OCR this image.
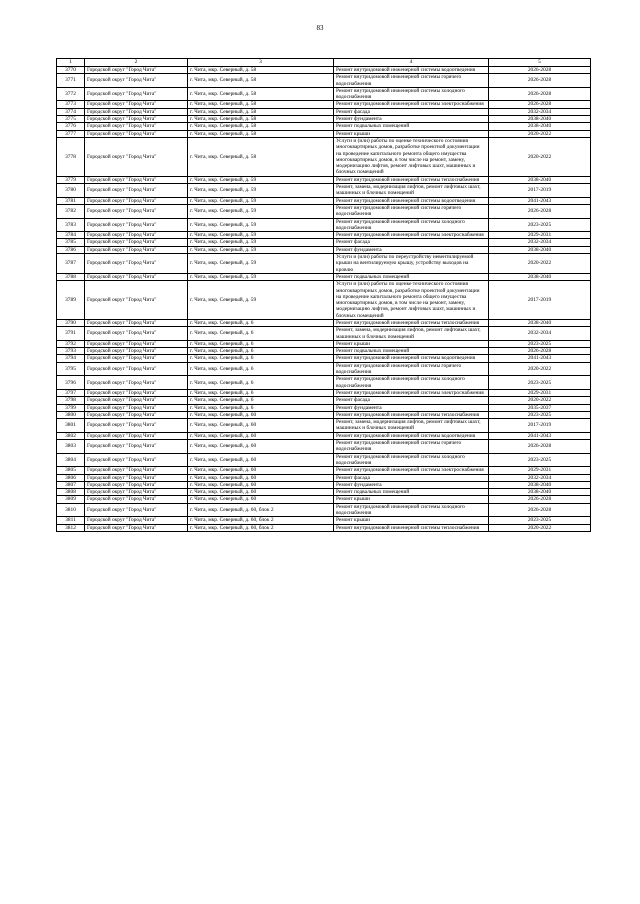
83
1	2	3	4	5
3770	Городской округ "Город Чита"	г. Чита, мкр. Северный, д. 58	Ремонт внутридомовой инженерной системы водоотведения	2026-2028
3771	Городской округ "Город Чита"	г. Чита, мкр. Северный, д. 58	Ремонт внутридомовой инженерной системы горячего водоснабжения	2026-2028
3772	Городской округ "Город Чита"	г. Чита, мкр. Северный, д. 58	Ремонт внутридомовой инженерной системы холодного водоснабжения	2026-2028
3773	Городской округ "Город Чита"	г. Чита, мкр. Северный, д. 58	Ремонт внутридомовой инженерной системы электроснабжения	2026-2028
3774	Городской округ "Город Чита"	г. Чита, мкр. Северный, д. 58	Ремонт фасада	2032-2034
3775	Городской округ "Город Чита"	г. Чита, мкр. Северный, д. 58	Ремонт фундамента	2038-2040
3776	Городской округ "Город Чита"	г. Чита, мкр. Северный, д. 58	Ремонт подвальных помещений	2038-2040
3777	Городской округ "Город Чита"	г. Чита, мкр. Северный, д. 58	Ремонт крыши	2020-2022
3778	Городской округ "Город Чита"	г. Чита, мкр. Северный, д. 58	Услуги и (или) работы по оценке технического состояния многоквартирных домов, разработке проектной документации на проведение капитального ремонта общего имущества многоквартирных домов, в том числе на ремонт, замену, модернизацию лифтов, ремонт лифтовых шахт, машинных и блочных помещений	2020-2022
3779	Городской округ "Город Чита"	г. Чита, мкр. Северный, д. 59	Ремонт внутридомовой инженерной системы теплоснабжения	2038-2040
3780	Городской округ "Город Чита"	г. Чита, мкр. Северный, д. 59	Ремонт, замена, модернизация лифтов, ремонт лифтовых шахт, машинных и блочных помещений	2017-2019
3781	Городской округ "Город Чита"	г. Чита, мкр. Северный, д. 59	Ремонт внутридомовой инженерной системы водоотведения	2041-2043
3782	Городской округ "Город Чита"	г. Чита, мкр. Северный, д. 59	Ремонт внутридомовой инженерной системы горячего водоснабжения	2026-2028
3783	Городской округ "Город Чита"	г. Чита, мкр. Северный, д. 59	Ремонт внутридомовой инженерной системы холодного водоснабжения	2023-2025
3784	Городской округ "Город Чита"	г. Чита, мкр. Северный, д. 59	Ремонт внутридомовой инженерной системы электроснабжения	2029-2031
3785	Городской округ "Город Чита"	г. Чита, мкр. Северный, д. 59	Ремонт фасада	2032-2034
3786	Городской округ "Город Чита"	г. Чита, мкр. Северный, д. 59	Ремонт фундамента	2038-2040
3787	Городской округ "Город Чита"	г. Чита, мкр. Северный, д. 59	Услуги и (или) работы по переустройству невентилируемой крыши на вентилируемую крышу, устройству выходов на кровлю	2020-2022
3788	Городской округ "Город Чита"	г. Чита, мкр. Северный, д. 59	Ремонт подвальных помещений	2038-2040
3789	Городской округ "Город Чита"	г. Чита, мкр. Северный, д. 59	Услуги и (или) работы по оценке технического состояния многоквартирных домов, разработке проектной документации на проведение капитального ремонта общего имущества многоквартирных домов, в том числе на ремонт, замену, модернизацию лифтов, ремонт лифтовых шахт, машинных и блочных помещений	2017-2019
3790	Городской округ "Город Чита"	г. Чита, мкр. Северный, д. 6	Ремонт внутридомовой инженерной системы теплоснабжения	2038-2040
3791	Городской округ "Город Чита"	г. Чита, мкр. Северный, д. 6	Ремонт, замена, модернизация лифтов, ремонт лифтовых шахт, машинных и блочных помещений	2032-2034
3792	Городской округ "Город Чита"	г. Чита, мкр. Северный, д. 6	Ремонт крыши	2023-2025
3793	Городской округ "Город Чита"	г. Чита, мкр. Северный, д. 6	Ремонт подвальных помещений	2026-2028
3794	Городской округ "Город Чита"	г. Чита, мкр. Северный, д. 6	Ремонт внутридомовой инженерной системы водоотведения	2041-2043
3795	Городской округ "Город Чита"	г. Чита, мкр. Северный, д. 6	Ремонт внутридомовой инженерной системы горячего водоснабжения	2020-2022
3796	Городской округ "Город Чита"	г. Чита, мкр. Северный, д. 6	Ремонт внутридомовой инженерной системы холодного водоснабжения	2023-2025
3797	Городской округ "Город Чита"	г. Чита, мкр. Северный, д. 6	Ремонт внутридомовой инженерной системы электроснабжения	2029-2031
3798	Городской округ "Город Чита"	г. Чита, мкр. Северный, д. 6	Ремонт фасада	2020-2022
3799	Городской округ "Город Чита"	г. Чита, мкр. Северный, д. 6	Ремонт фундамента	2035-2037
3800	Городской округ "Город Чита"	г. Чита, мкр. Северный, д. 60	Ремонт внутридомовой инженерной системы теплоснабжения	2023-2025
3801	Городской округ "Город Чита"	г. Чита, мкр. Северный, д. 60	Ремонт, замена, модернизация лифтов, ремонт лифтовых шахт, машинных и блочных помещений	2017-2019
3802	Городской округ "Город Чита"	г. Чита, мкр. Северный, д. 60	Ремонт внутридомовой инженерной системы водоотведения	2041-2043
3803	Городской округ "Город Чита"	г. Чита, мкр. Северный, д. 60	Ремонт внутридомовой инженерной системы горячего водоснабжения	2026-2028
3804	Городской округ "Город Чита"	г. Чита, мкр. Северный, д. 60	Ремонт внутридомовой инженерной системы холодного водоснабжения	2023-2025
3805	Городской округ "Город Чита"	г. Чита, мкр. Северный, д. 60	Ремонт внутридомовой инженерной системы электроснабжения	2029-2031
3806	Городской округ "Город Чита"	г. Чита, мкр. Северный, д. 60	Ремонт фасада	2032-2034
3807	Городской округ "Город Чита"	г. Чита, мкр. Северный, д. 60	Ремонт фундамента	2038-2040
3808	Городской округ "Город Чита"	г. Чита, мкр. Северный, д. 60	Ремонт подвальных помещений	2038-2040
3809	Городской округ "Город Чита"	г. Чита, мкр. Северный, д. 60	Ремонт крыши	2026-2028
3810	Городской округ "Город Чита"	г. Чита, мкр. Северный, д. 60, блок 2	Ремонт внутридомовой инженерной системы холодного водоснабжения	2026-2028
3811	Городской округ "Город Чита"	г. Чита, мкр. Северный, д. 60, блок 2	Ремонт крыши	2023-2025
3812	Городской округ "Город Чита"	г. Чита, мкр. Северный, д. 60, блок 2	Ремонт внутридомовой инженерной системы теплоснабжения	2020-2022
